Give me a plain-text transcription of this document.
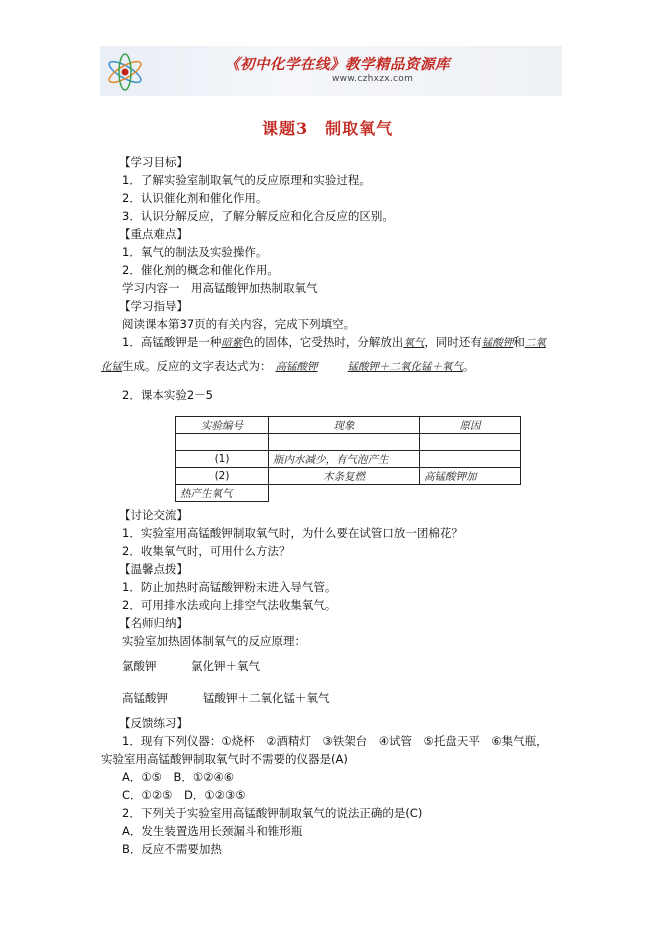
《初中化学在线》教学精品资源库
www.czhxzx.com
课题3　制取氧气
【学习目标】
1．了解实验室制取氧气的反应原理和实验过程。
2．认识催化剂和催化作用。
3．认识分解反应，了解分解反应和化合反应的区别。
【重点难点】
1．氧气的制法及实验操作。
2．催化剂的概念和催化作用。
学习内容一　用高锰酸钾加热制取氧气
【学习指导】
阅读课本第37页的有关内容，完成下列填空。
1．高锰酸钾是一种暗紫色的固体，它受热时，分解放出氧气，同时还有锰酸钾和二氧
化锰生成。反应的文字表达式为： 高锰酸钾	锰酸钾＋二氧化锰＋氧气。
2．课本实验2－5
实验编号	现象	原因

(1)	瓶内水减少，有气泡产生	
(2)	木条复燃	高锰酸钾加
热产生氧气		
【讨论交流】
1．实验室用高锰酸钾制取氧气时，为什么要在试管口放一团棉花？
2．收集氧气时，可用什么方法？
【温馨点拨】
1．防止加热时高锰酸钾粉末进入导气管。
2．可用排水法或向上排空气法收集氧气。
【名师归纳】
实验室加热固体制氧气的反应原理：
氯酸钾	氯化钾＋氧气
高锰酸钾	锰酸钾＋二氧化锰＋氧气
【反馈练习】
1．现有下列仪器：①烧杯　②酒精灯　③铁架台　④试管　⑤托盘天平　⑥集气瓶，
实验室用高锰酸钾制取氧气时不需要的仪器是(A)
A．①⑤　B．①②④⑥
C．①②⑤　D．①②③⑤
2．下列关于实验室用高锰酸钾制取氧气的说法正确的是(C)
A．发生装置选用长颈漏斗和锥形瓶
B．反应不需要加热
